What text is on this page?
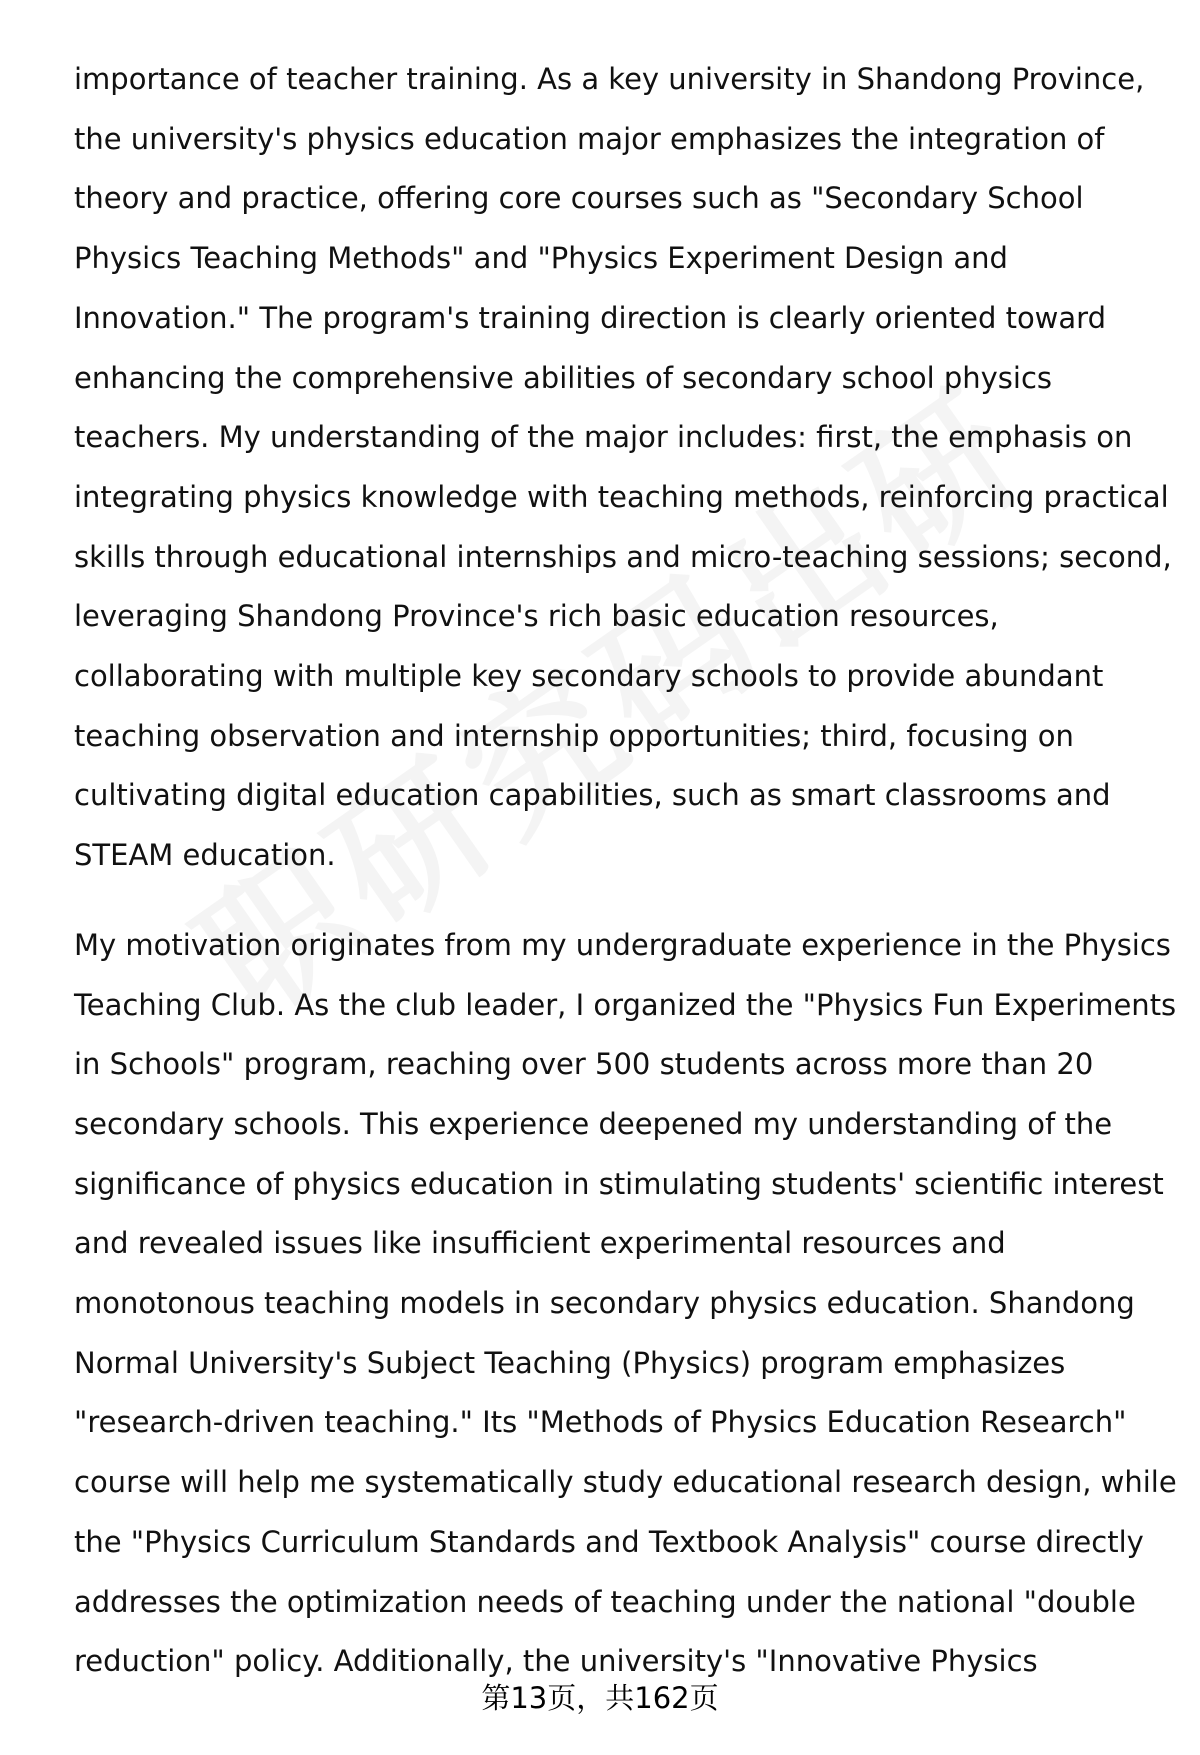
importance of teacher training. As a key university in Shandong Province,
the university's physics education major emphasizes the integration of
theory and practice, offering core courses such as "Secondary School
Physics Teaching Methods" and "Physics Experiment Design and
Innovation." The program's training direction is clearly oriented toward
enhancing the comprehensive abilities of secondary school physics
teachers. My understanding of the major includes: first, the emphasis on
integrating physics knowledge with teaching methods, reinforcing practical
skills through educational internships and micro-teaching sessions; second,
leveraging Shandong Province's rich basic education resources,
collaborating with multiple key secondary schools to provide abundant
teaching observation and internship opportunities; third, focusing on
cultivating digital education capabilities, such as smart classrooms and
STEAM education.

My motivation originates from my undergraduate experience in the Physics
Teaching Club. As the club leader, I organized the "Physics Fun Experiments
in Schools" program, reaching over 500 students across more than 20
secondary schools. This experience deepened my understanding of the
significance of physics education in stimulating students' scientific interest
and revealed issues like insufficient experimental resources and
monotonous teaching models in secondary physics education. Shandong
Normal University's Subject Teaching (Physics) program emphasizes
"research-driven teaching." Its "Methods of Physics Education Research"
course will help me systematically study educational research design, while
the "Physics Curriculum Standards and Textbook Analysis" course directly
addresses the optimization needs of teaching under the national "double
reduction" policy. Additionally, the university's "Innovative Physics

第13页，共162页
